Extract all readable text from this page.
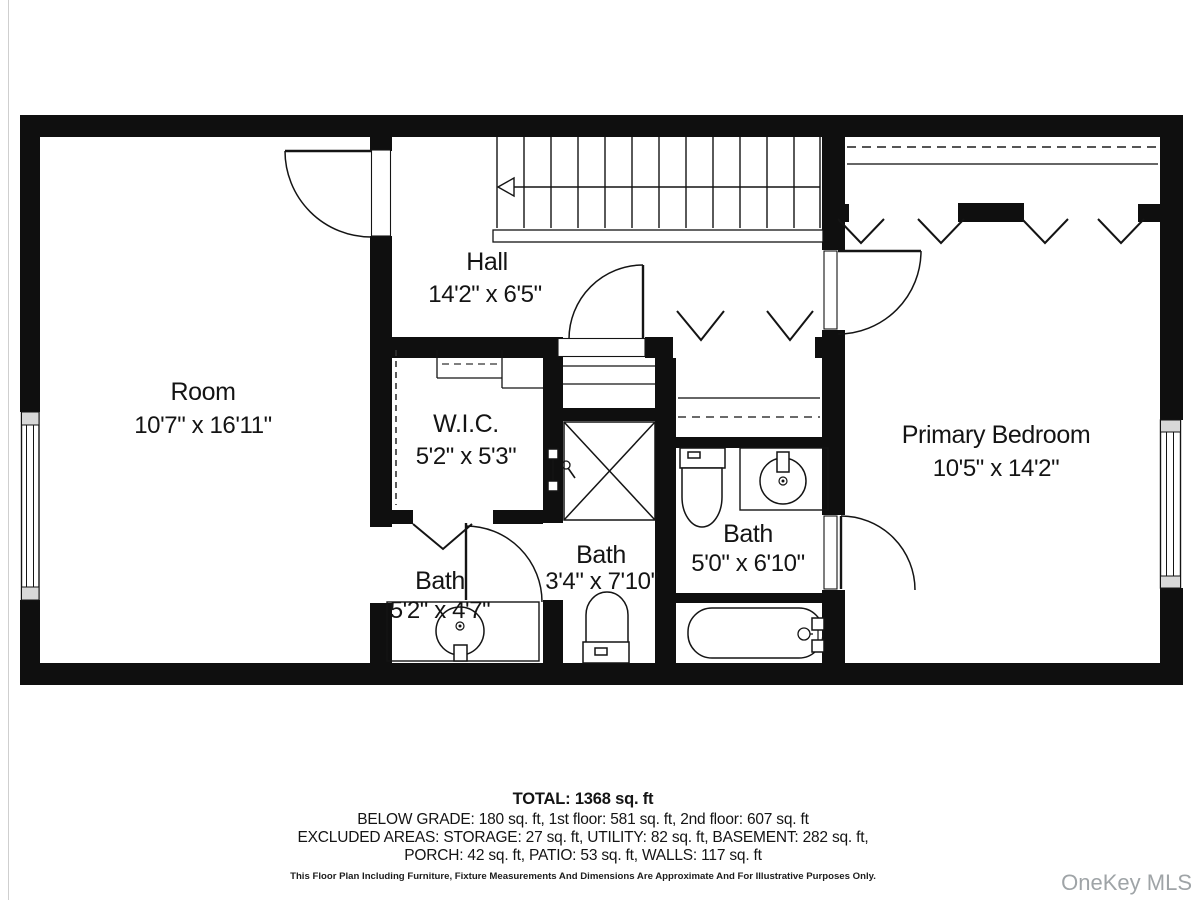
Room
10'7" x 16'11"
Hall
14'2" x 6'5"
W.I.C.
5'2" x 5'3"
Bath
5'2" x 4'7"
Bath
3'4" x 7'10"
Bath
5'0" x 6'10"
Primary Bedroom
10'5" x 14'2"
TOTAL: 1368 sq. ft
BELOW GRADE: 180 sq. ft, 1st floor: 581 sq. ft, 2nd floor: 607 sq. ft
EXCLUDED AREAS: STORAGE: 27 sq. ft, UTILITY: 82 sq. ft, BASEMENT: 282 sq. ft,
PORCH: 42 sq. ft, PATIO: 53 sq. ft, WALLS: 117 sq. ft
This Floor Plan Including Furniture, Fixture Measurements And Dimensions Are Approximate And For Illustrative Purposes Only.	OneKey MLS
